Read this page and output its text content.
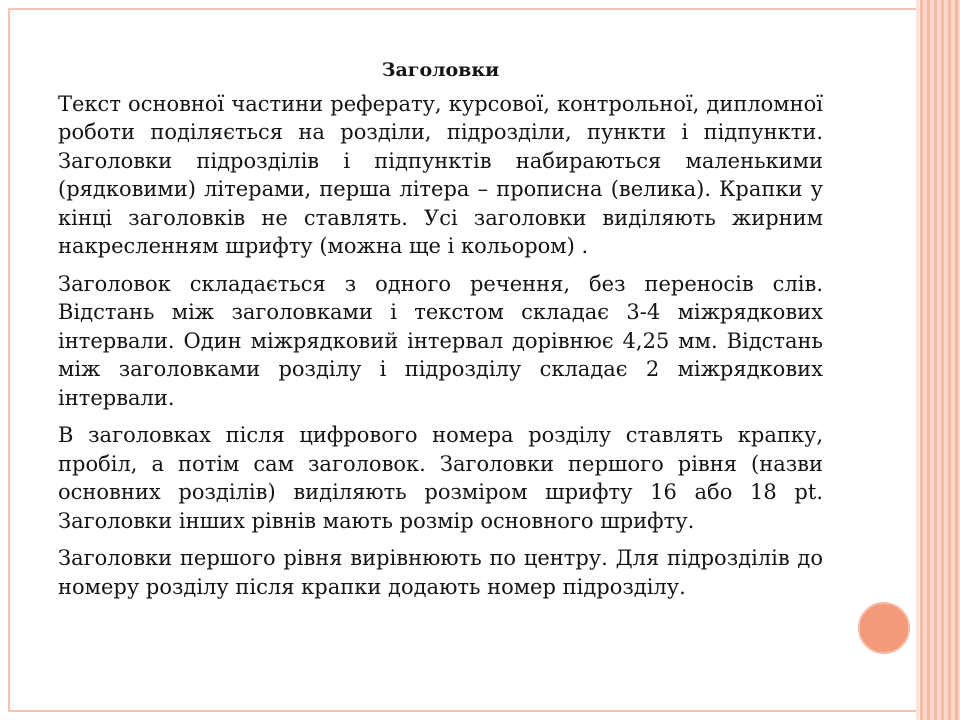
Заголовки

Текст основної частини реферату, курсової, контрольної, дипломної роботи поділяється на розділи, підрозділи, пункти і підпункти. Заголовки підрозділів і підпунктів набираються маленькими (рядковими) літерами, перша літера – прописна (велика). Крапки у кінці заголовків не ставлять. Усі заголовки виділяють жирним накресленням шрифту (можна ще і кольором) .

Заголовок складається з одного речення, без переносів слів. Відстань між заголовками і текстом складає 3-4 міжрядкових інтервали. Один міжрядковий інтервал дорівнює 4,25 мм. Відстань між заголовками розділу і підрозділу складає 2 міжрядкових інтервали.

В заголовках після цифрового номера розділу ставлять крапку, пробіл, а потім сам заголовок. Заголовки першого рівня (назви основних розділів) виділяють розміром шрифту 16 або 18 pt. Заголовки інших рівнів мають розмір основного шрифту.

Заголовки першого рівня вирівнюють по центру. Для підрозділів до номеру розділу після крапки додають номер підрозділу.
